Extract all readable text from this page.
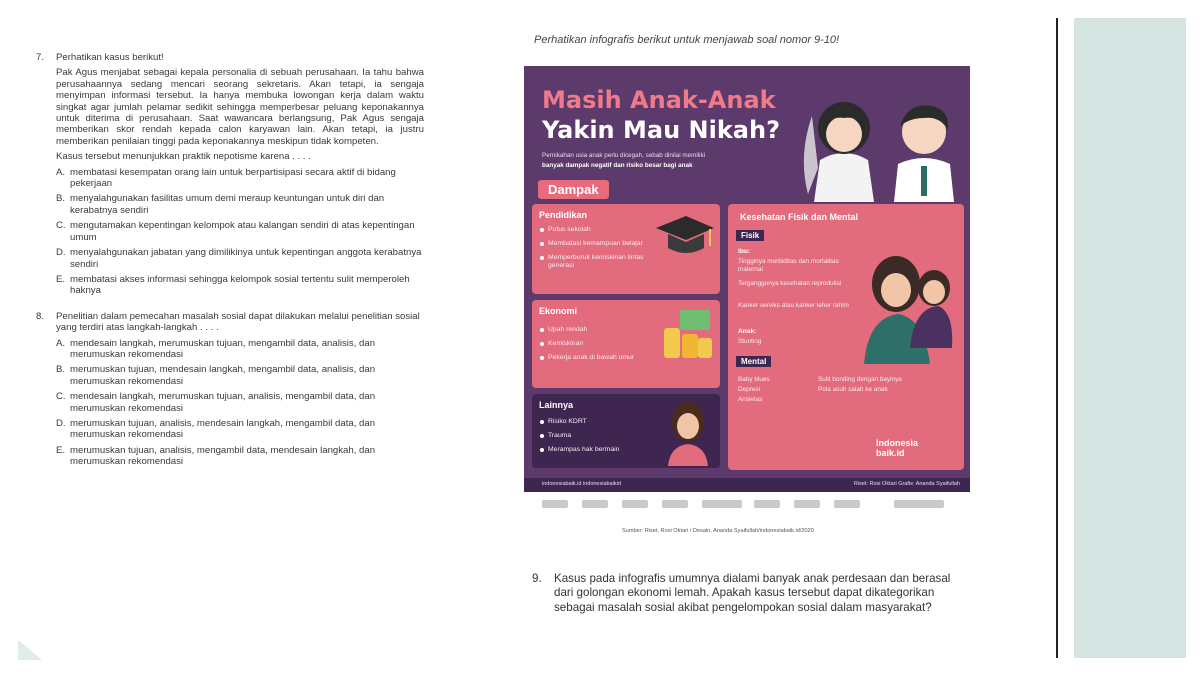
7. Perhatikan kasus berikut!
Pak Agus menjabat sebagai kepala personalia di sebuah perusahaan. Ia tahu bahwa perusahaannya sedang mencari seorang sekretaris. Akan tetapi, ia sengaja menyimpan informasi tersebut. Ia hanya membuka lowongan kerja dalam waktu singkat agar jumlah pelamar sedikit sehingga memperbesar peluang keponakannya untuk diterima di perusahaan. Saat wawancara berlangsung, Pak Agus sengaja memberikan skor rendah kepada calon karyawan lain. Akan tetapi, ia justru memberikan penilaian tinggi pada keponakannya meskipun tidak kompeten.
Kasus tersebut menunjukkan praktik nepotisme karena . . . .
A. membatasi kesempatan orang lain untuk berpartisipasi secara aktif di bidang pekerjaan
B. menyalahgunakan fasilitas umum demi meraup keuntungan untuk diri dan kerabatnya sendiri
C. mengutamakan kepentingan kelompok atau kalangan sendiri di atas kepentingan umum
D. menyalahgunakan jabatan yang dimilikinya untuk kepentingan anggota kerabatnya sendiri
E. membatasi akses informasi sehingga kelompok sosial tertentu sulit memperoleh haknya
8. Penelitian dalam pemecahan masalah sosial dapat dilakukan melalui penelitian sosial yang terdiri atas langkah-langkah . . . .
A. mendesain langkah, merumuskan tujuan, mengambil data, analisis, dan merumuskan rekomendasi
B. merumuskan tujuan, mendesain langkah, mengambil data, analisis, dan merumuskan rekomendasi
C. mendesain langkah, merumuskan tujuan, analisis, mengambil data, dan merumuskan rekomendasi
D. merumuskan tujuan, analisis, mendesain langkah, mengambil data, dan merumuskan rekomendasi
E. merumuskan tujuan, analisis, mengambil data, mendesain langkah, dan merumuskan rekomendasi
Perhatikan infografis berikut untuk menjawab soal nomor 9-10!
Masih Anak-Anak
Yakin Mau Nikah?
Pernikahan usia anak perlu dicegah, sebab dinilai memiliki
banyak dampak negatif dan risiko besar bagi anak
Dampak
Pendidikan
Putus sekolah
Membatasi kemampuan belajar
Memperburuk kemiskinan lintas generasi
Ekonomi
Upah rendah
Kemiskinan
Pekerja anak di bawah umur
Lainnya
Risiko KDRT
Trauma
Merampas hak bermain
Kesehatan Fisik dan Mental
Fisik
Ibu:
Tingginya morbiditas dan mortalitas maternal
Terganggunya kesehatan reproduksi
Kanker serviks atau kanker leher rahim
Anak:
Stunting
Mental
Baby blues
Depresi
Ansietas
Sulit bonding dengan bayinya
Pola asuh salah ke anak
Indonesia
baik.id
indonesiabaik.id indonesiabaikid	Riset: Rosi Oktari Grafis: Ananda Syaifullah
Sumber: Riset, Rosi Oktari / Desain, Ananda Syaifullah/indonesiabaik.id/2020
9.	Kasus pada infografis umumnya dialami banyak anak perdesaan dan berasal dari golongan ekonomi lemah. Apakah kasus tersebut dapat dikategorikan sebagai masalah sosial akibat pengelompokan sosial dalam masyarakat?
